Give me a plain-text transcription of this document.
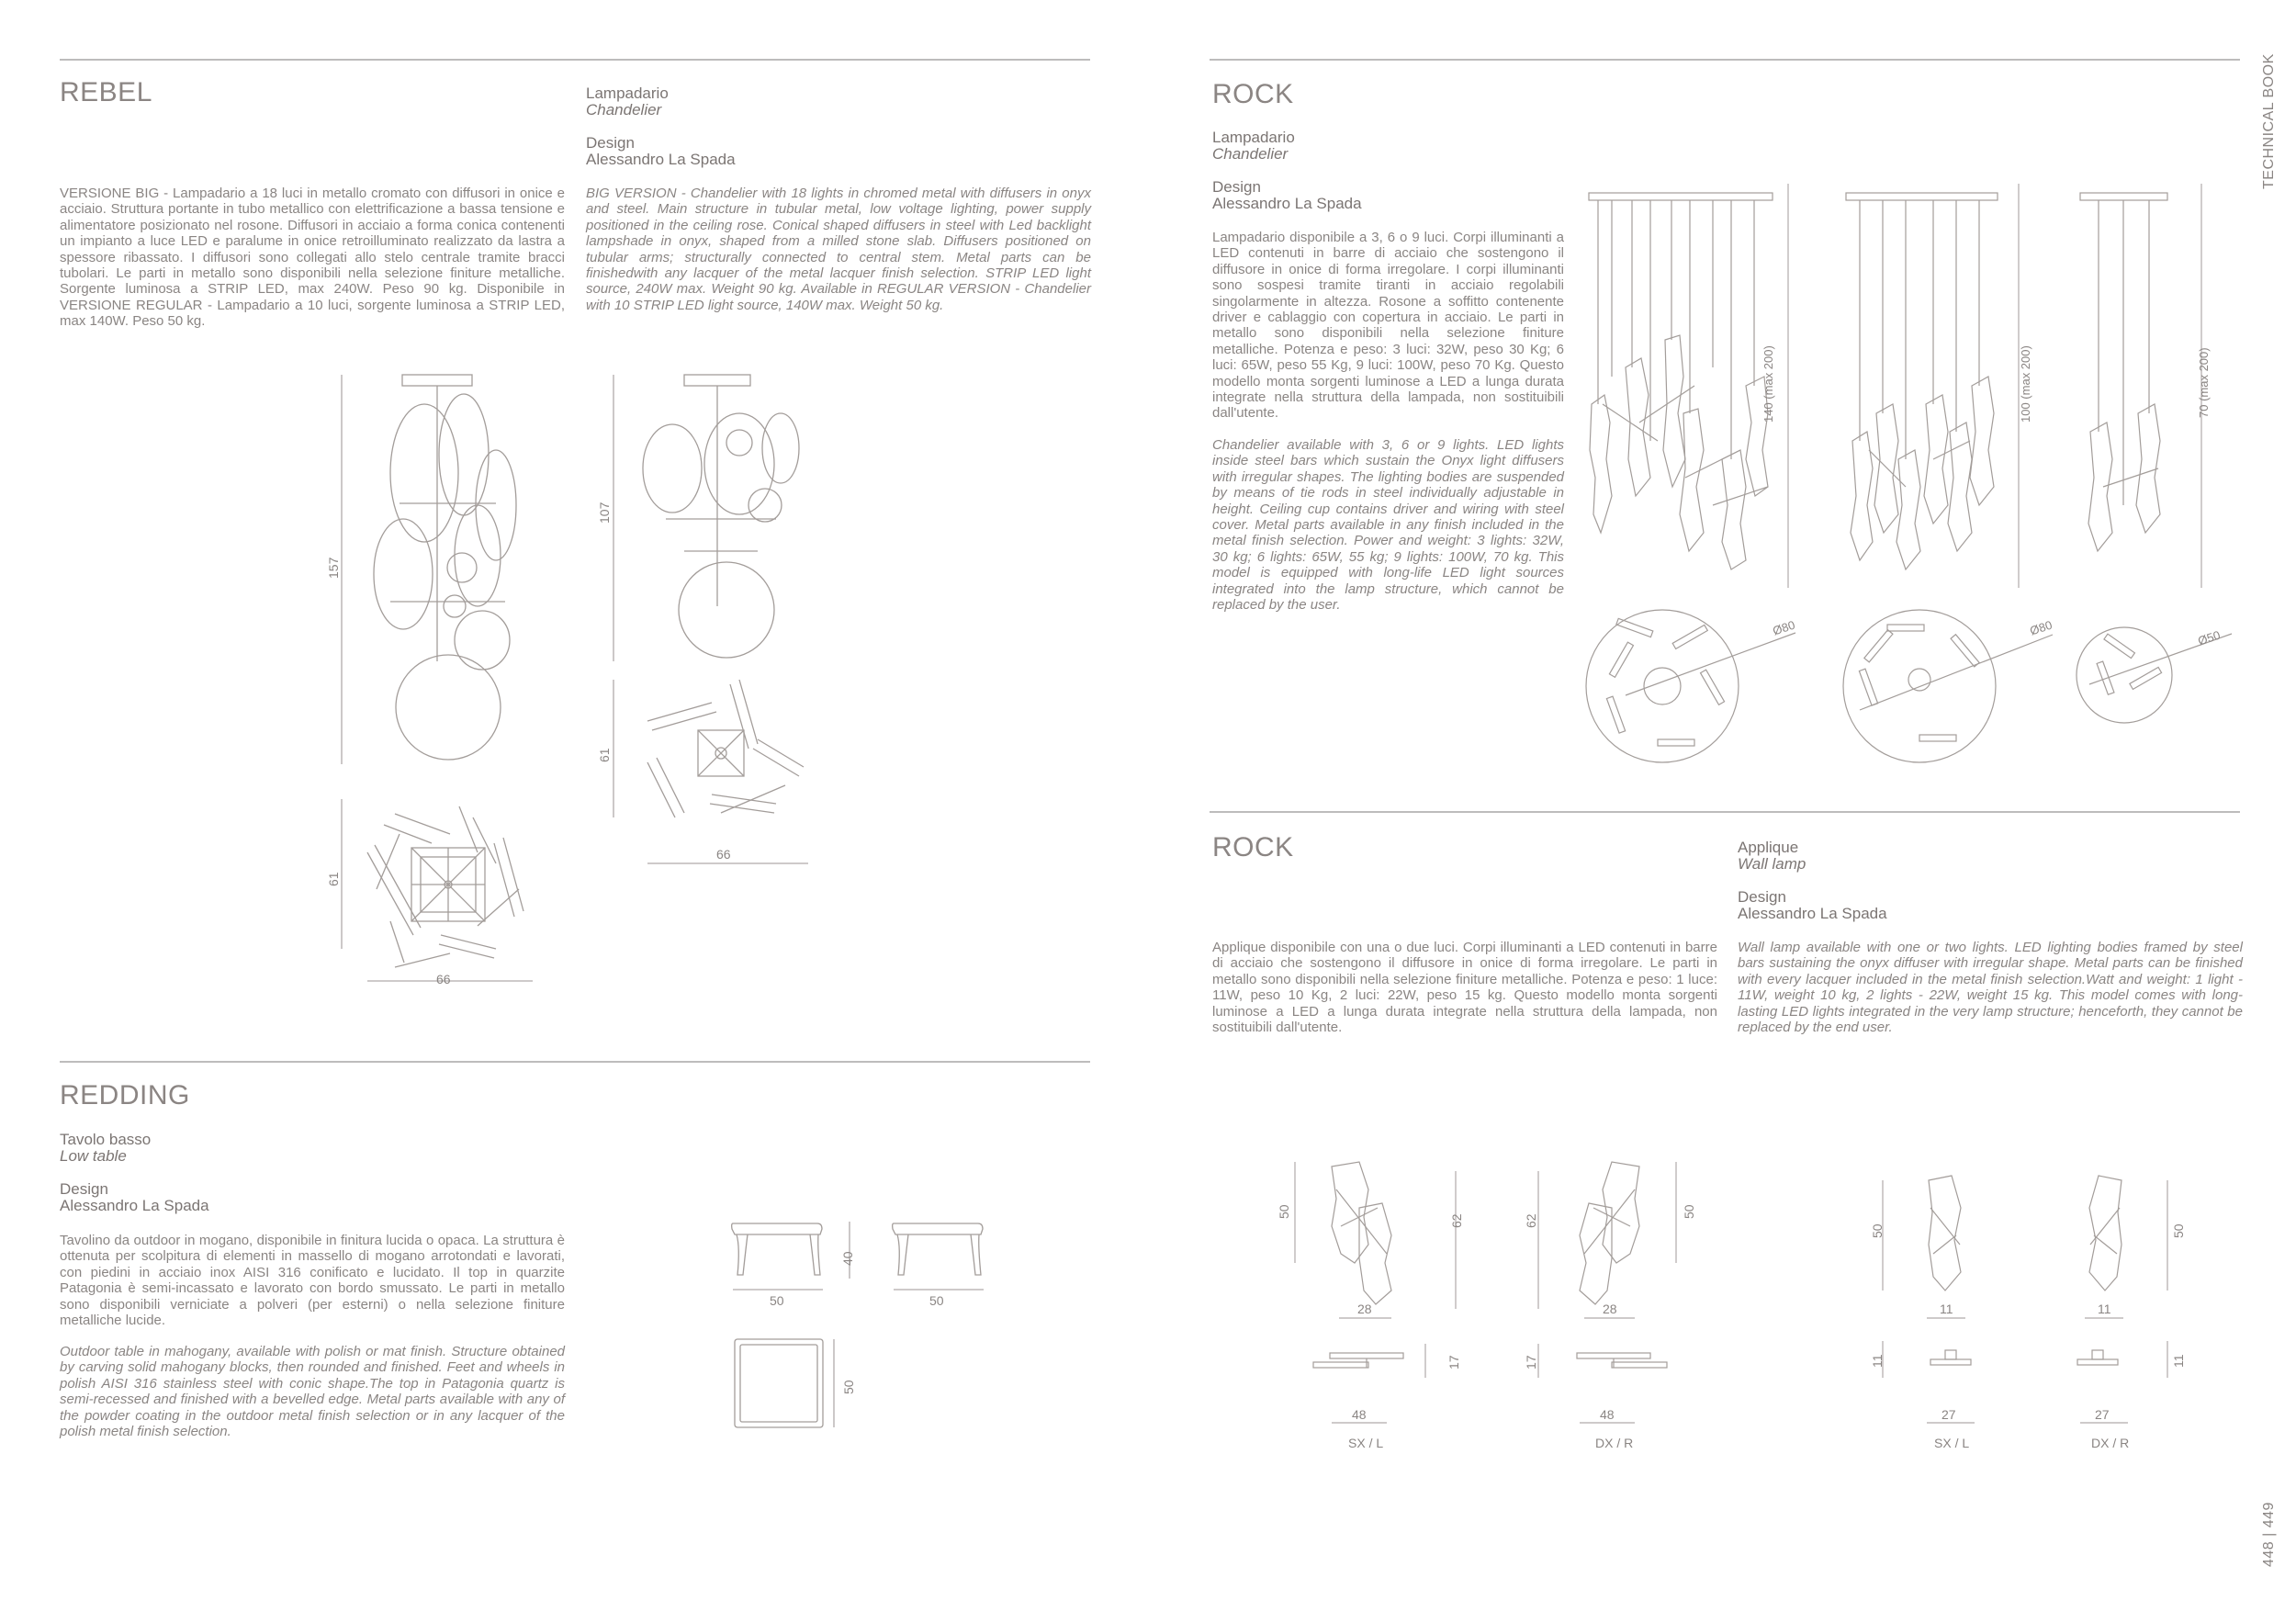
TECHNICAL BOOK
448 | 449
REBEL	Lampadario
Chandelier
Design
Alessandro La Spada

VERSIONE BIG - Lampadario a 18 luci in metallo cromato con diffusori in onice e acciaio. Struttura portante in tubo metallico con elettrificazione a bassa tensione e alimentatore posizionato nel rosone. Diffusori in acciaio a forma conica contenenti un impianto a luce LED e paralume in onice retroilluminato realizzato da lastra a spessore ribassato. I diffusori sono collegati allo stelo centrale tramite bracci tubolari. Le parti in metallo sono disponibili nella selezione finiture metalliche. Sorgente luminosa a STRIP LED, max 240W. Peso 90 kg. Disponibile in VERSIONE REGULAR - Lampadario a 10 luci, sorgente luminosa a STRIP LED, max 140W. Peso 50 kg.

BIG VERSION - Chandelier with 18 lights in chromed metal with diffusers in onyx and steel. Main structure in tubular metal, low voltage lighting, power supply positioned in the ceiling rose. Conical shaped diffusers in steel with Led backlight lampshade in onyx, shaped from a milled stone slab. Diffusers positioned on tubular arms; structurally connected to central stem. Metal parts can be finishedwith any lacquer of the metal lacquer finish selection. STRIP LED light source, 240W max. Weight 90 kg. Available in REGULAR VERSION - Chandelier with 10 STRIP LED light source, 140W max. Weight 50 kg.

157
61
66
107
61
66
REDDING
Tavolo basso
Low table
Design
Alessandro La Spada

Tavolino da outdoor in mogano, disponibile in finitura lucida o opaca. La struttura è ottenuta per scolpitura di elementi in massello di mogano arrotondati e lavorati, con piedini in acciaio inox AISI 316 conificato e lucidato. Il top in quarzite Patagonia è semi-incassato e lavorato con bordo smussato. Le parti in metallo sono disponibili verniciate a polveri (per esterni) o nella selezione finiture metalliche lucide.

Outdoor table in mahogany, available with polish or mat finish. Structure obtained by carving solid mahogany blocks, then rounded and finished. Feet and wheels in polish AISI 316 stainless steel with conic shape.The top in Patagonia quartz is semi-recessed and finished with a bevelled edge. Metal parts available with any of the powder coating in the outdoor metal finish selection or in any lacquer of the polish metal finish selection.

50
40
50
50
ROCK
Lampadario
Chandelier
Design
Alessandro La Spada

Lampadario disponibile a 3, 6 o 9 luci. Corpi illuminanti a LED contenuti in barre di acciaio che sostengono il diffusore in onice di forma irregolare. I corpi illuminanti sono sospesi tramite tiranti in acciaio regolabili singolarmente in altezza. Rosone a soffitto contenente driver e cablaggio con copertura in acciaio. Le parti in metallo sono disponibili nella selezione finiture metalliche. Potenza e peso: 3 luci: 32W, peso 30 Kg; 6 luci: 65W, peso 55 Kg, 9 luci: 100W, peso 70 Kg. Questo modello monta sorgenti luminose a LED a lunga durata integrate nella struttura della lampada, non sostituibili dall'utente.

Chandelier available with 3, 6 or 9 lights. LED lights inside steel bars which sustain the Onyx light diffusers with irregular shapes. The lighting bodies are suspended by means of tie rods in steel individually adjustable in height. Ceiling cup contains driver and wiring with steel cover. Metal parts available in any finish included in the metal finish selection. Power and weight: 3 lights: 32W, 30 kg; 6 lights: 65W, 55 kg; 9 lights: 100W, 70 kg. This model is equipped with long-life LED light sources integrated into the lamp structure, which cannot be replaced by the user.

140 (max 200)	100 (max 200)	70 (max 200)
Ø80	Ø80
Ø50
ROCK	Applique
Wall lamp
Design
Alessandro La Spada

Applique disponibile con una o due luci. Corpi illuminanti a LED contenuti in barre di acciaio che sostengono il diffusore in onice di forma irregolare. Le parti in metallo sono disponibili nella selezione finiture metalliche. Potenza e peso: 1 luce: 11W, peso 10 Kg, 2 luci: 22W, peso 15 kg. Questo modello monta sorgenti luminose a LED a lunga durata integrate nella struttura della lampada, non sostituibili dall'utente.

Wall lamp available with one or two lights. LED lighting bodies framed by steel bars sustaining the onyx diffuser with irregular shape. Metal parts can be finished with every lacquer included in the metal finish selection.Watt and weight: 1 light - 11W, weight 10 kg, 2 lights - 22W, weight 15 kg. This model comes with long-lasting LED lights integrated in the very lamp structure; henceforth, they cannot be replaced by the end user.

50
62
28
17
48
SX / L
62
50
28
17
48
DX / R
50
11
11
27
SX / L
50
11
11
27
DX / R
